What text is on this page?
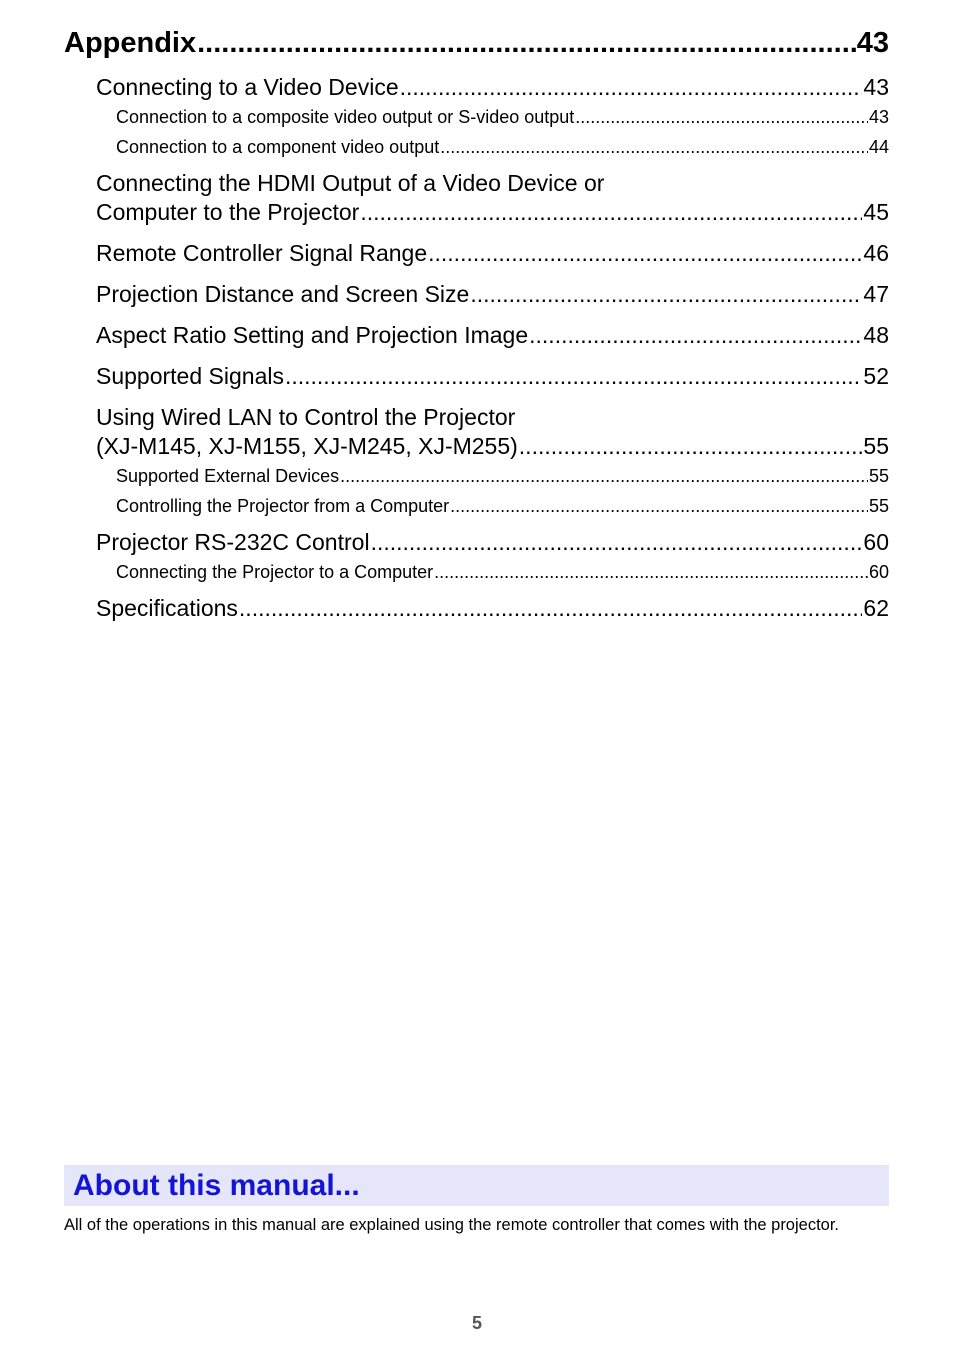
Appendix .....	43
Connecting to a Video Device .....	43
Connection to a composite video output or S-video output .....	43
Connection to a component video output .....	44
Connecting the HDMI Output of a Video Device or
Computer to the Projector .....	45
Remote Controller Signal Range .....	46
Projection Distance and Screen Size .....	47
Aspect Ratio Setting and Projection Image .....	48
Supported Signals .....	52
Using Wired LAN to Control the Projector
(XJ-M145, XJ-M155, XJ-M245, XJ-M255) .....	55
Supported External Devices .....	55
Controlling the Projector from a Computer .....	55
Projector RS-232C Control .....	60
Connecting the Projector to a Computer .....	60
Specifications .....	62
About this manual...

All of the operations in this manual are explained using the remote controller that comes with the projector.

5
